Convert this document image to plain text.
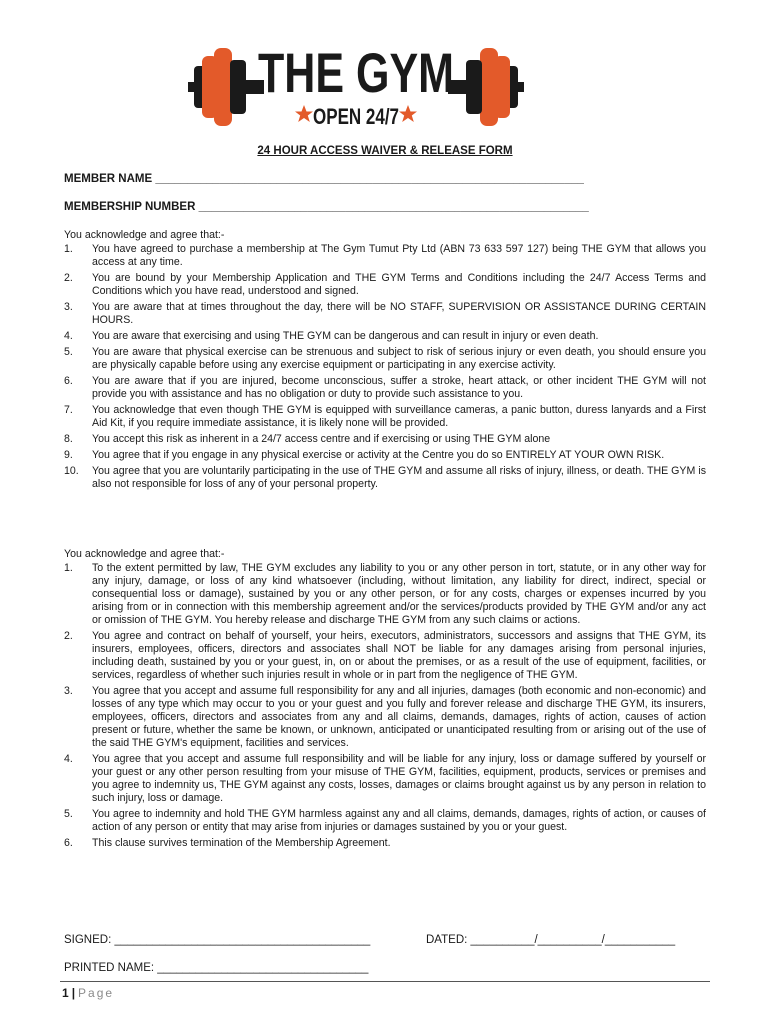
THE GYM
OPEN 24/7
24 HOUR ACCESS WAIVER & RELEASE FORM
MEMBER NAME ___________________________________________________________________
MEMBERSHIP NUMBER _____________________________________________________________
You acknowledge and agree that:-
1. You have agreed to purchase a membership at The Gym Tumut Pty Ltd (ABN 73 633 597 127) being THE GYM that allows you access at any time.
2. You are bound by your Membership Application and THE GYM Terms and Conditions including the 24/7 Access Terms and Conditions which you have read, understood and signed.
3. You are aware that at times throughout the day, there will be NO STAFF, SUPERVISION OR ASSISTANCE DURING CERTAIN HOURS.
4. You are aware that exercising and using THE GYM can be dangerous and can result in injury or even death.
5. You are aware that physical exercise can be strenuous and subject to risk of serious injury or even death, you should ensure you are physically capable before using any exercise equipment or participating in any exercise activity.
6. You are aware that if you are injured, become unconscious, suffer a stroke, heart attack, or other incident THE GYM will not provide you with assistance and has no obligation or duty to provide such assistance to you.
7. You acknowledge that even though THE GYM is equipped with surveillance cameras, a panic button, duress lanyards and a First Aid Kit, if you require immediate assistance, it is likely none will be provided.
8. You accept this risk as inherent in a 24/7 access centre and if exercising or using THE GYM alone
9. You agree that if you engage in any physical exercise or activity at the Centre you do so ENTIRELY AT YOUR OWN RISK.
10. You agree that you are voluntarily participating in the use of THE GYM and assume all risks of injury, illness, or death. THE GYM is also not responsible for loss of any of your personal property.
You acknowledge and agree that:-
1. To the extent permitted by law, THE GYM excludes any liability to you or any other person in tort, statute, or in any other way for any injury, damage, or loss of any kind whatsoever (including, without limitation, any liability for direct, indirect, special or consequential loss or damage), sustained by you or any other person, or for any costs, charges or expenses incurred by you arising from or in connection with this membership agreement and/or the services/products provided by THE GYM and/or any act or omission of THE GYM. You hereby release and discharge THE GYM from any such claims or actions.
2. You agree and contract on behalf of yourself, your heirs, executors, administrators, successors and assigns that THE GYM, its insurers, employees, officers, directors and associates shall NOT be liable for any damages arising from personal injuries, including death, sustained by you or your guest, in, on or about the premises, or as a result of the use of equipment, facilities, or services, regardless of whether such injuries result in whole or in part from the negligence of THE GYM.
3. You agree that you accept and assume full responsibility for any and all injuries, damages (both economic and non-economic) and losses of any type which may occur to you or your guest and you fully and forever release and discharge THE GYM, its insurers, employees, officers, directors and associates from any and all claims, demands, damages, rights of action, causes of action present or future, whether the same be known, or unknown, anticipated or unanticipated resulting from or arising out of the use of the said THE GYM's equipment, facilities and services.
4. You agree that you accept and assume full responsibility and will be liable for any injury, loss or damage suffered by yourself or your guest or any other person resulting from your misuse of THE GYM, facilities, equipment, products, services or premises and you agree to indemnity us, THE GYM against any costs, losses, damages or claims brought against us by any person in relation to such injury, loss or damage.
5. You agree to indemnity and hold THE GYM harmless against any and all claims, demands, damages, rights of action, or causes of action of any person or entity that may arise from injuries or damages sustained by you or your guest.
6. This clause survives termination of the Membership Agreement.
SIGNED: ________________________________________	DATED: __________/__________/___________
PRINTED NAME: _________________________________
1 | Page
